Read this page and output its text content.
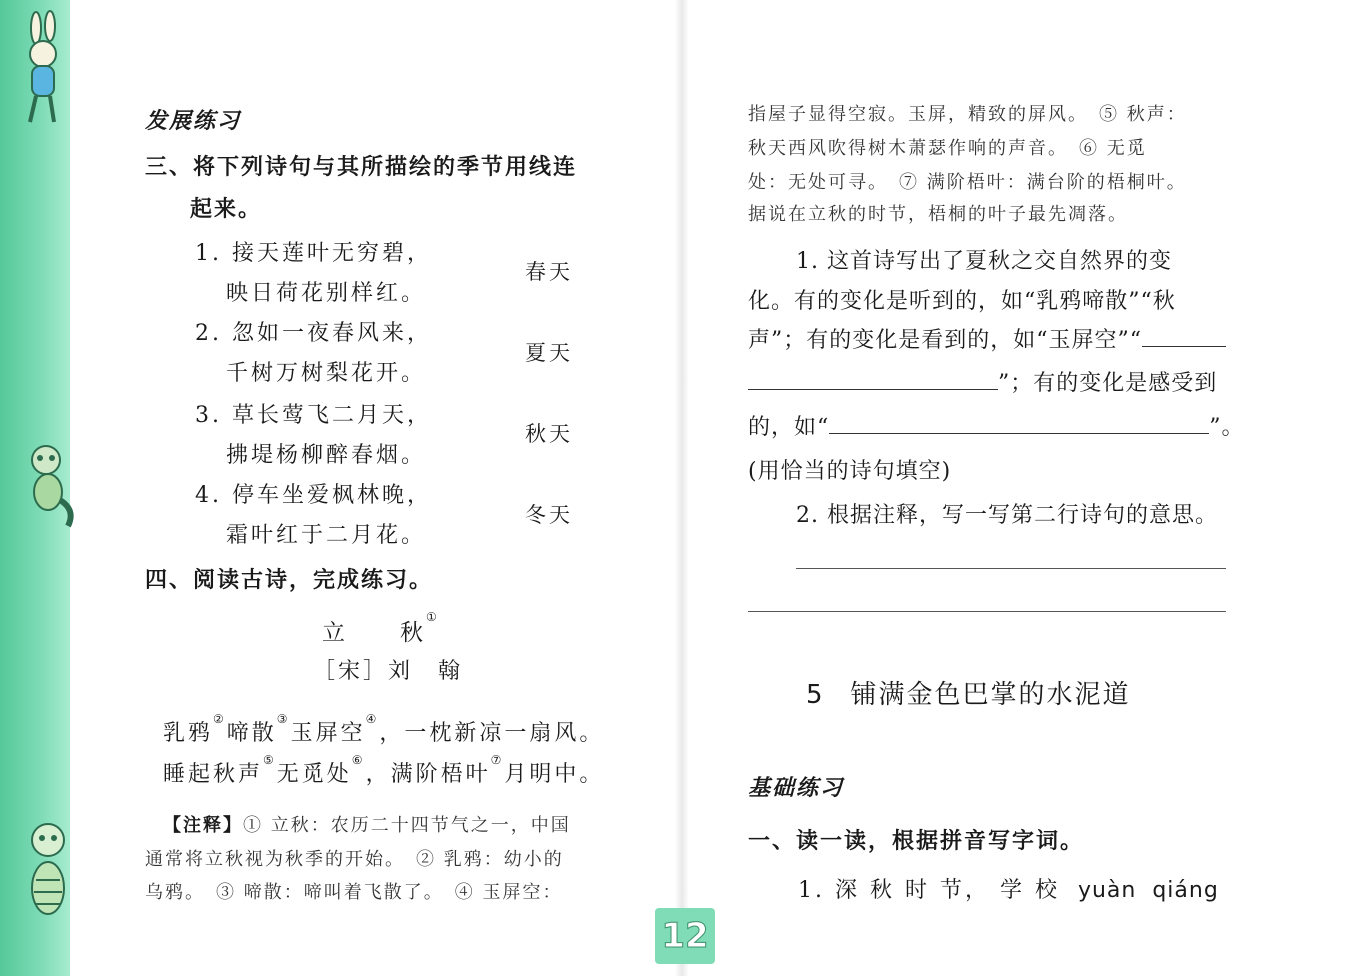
发展练习
三、将下列诗句与其所描绘的季节用线连
起来。
1. 接天莲叶无穷碧，
映日荷花别样红。
2. 忽如一夜春风来，
千树万树梨花开。
3. 草长莺飞二月天，
拂堤杨柳醉春烟。
4. 停车坐爱枫林晚，
霜叶红于二月花。
春天
夏天
秋天
冬天
四、阅读古诗，完成练习。
立　　秋①
［宋］刘　翰
乳鸦②啼散③玉屏空④，一枕新凉一扇风。
睡起秋声⑤无觅处⑥，满阶梧叶⑦月明中。
【注释】① 立秋：农历二十四节气之一，中国
通常将立秋视为秋季的开始。　② 乳鸦：幼小的
乌鸦。　③ 啼散：啼叫着飞散了。　④ 玉屏空：
指屋子显得空寂。玉屏，精致的屏风。　⑤ 秋声：
秋天西风吹得树木萧瑟作响的声音。　⑥ 无觅
处：无处可寻。　⑦ 满阶梧叶：满台阶的梧桐叶。
据说在立秋的时节，梧桐的叶子最先凋落。
1. 这首诗写出了夏秋之交自然界的变
化。有的变化是听到的，如“乳鸦啼散”“秋
声”；有的变化是看到的，如“玉屏空”“
”；有的变化是感受到
的，如“	”。
(用恰当的诗句填空)
2. 根据注释，写一写第二行诗句的意思。
5 铺满金色巴掌的水泥道
基础练习
一、读一读，根据拼音写字词。
1. 深 秋 时 节， 学 校 yuàn qiáng
12
